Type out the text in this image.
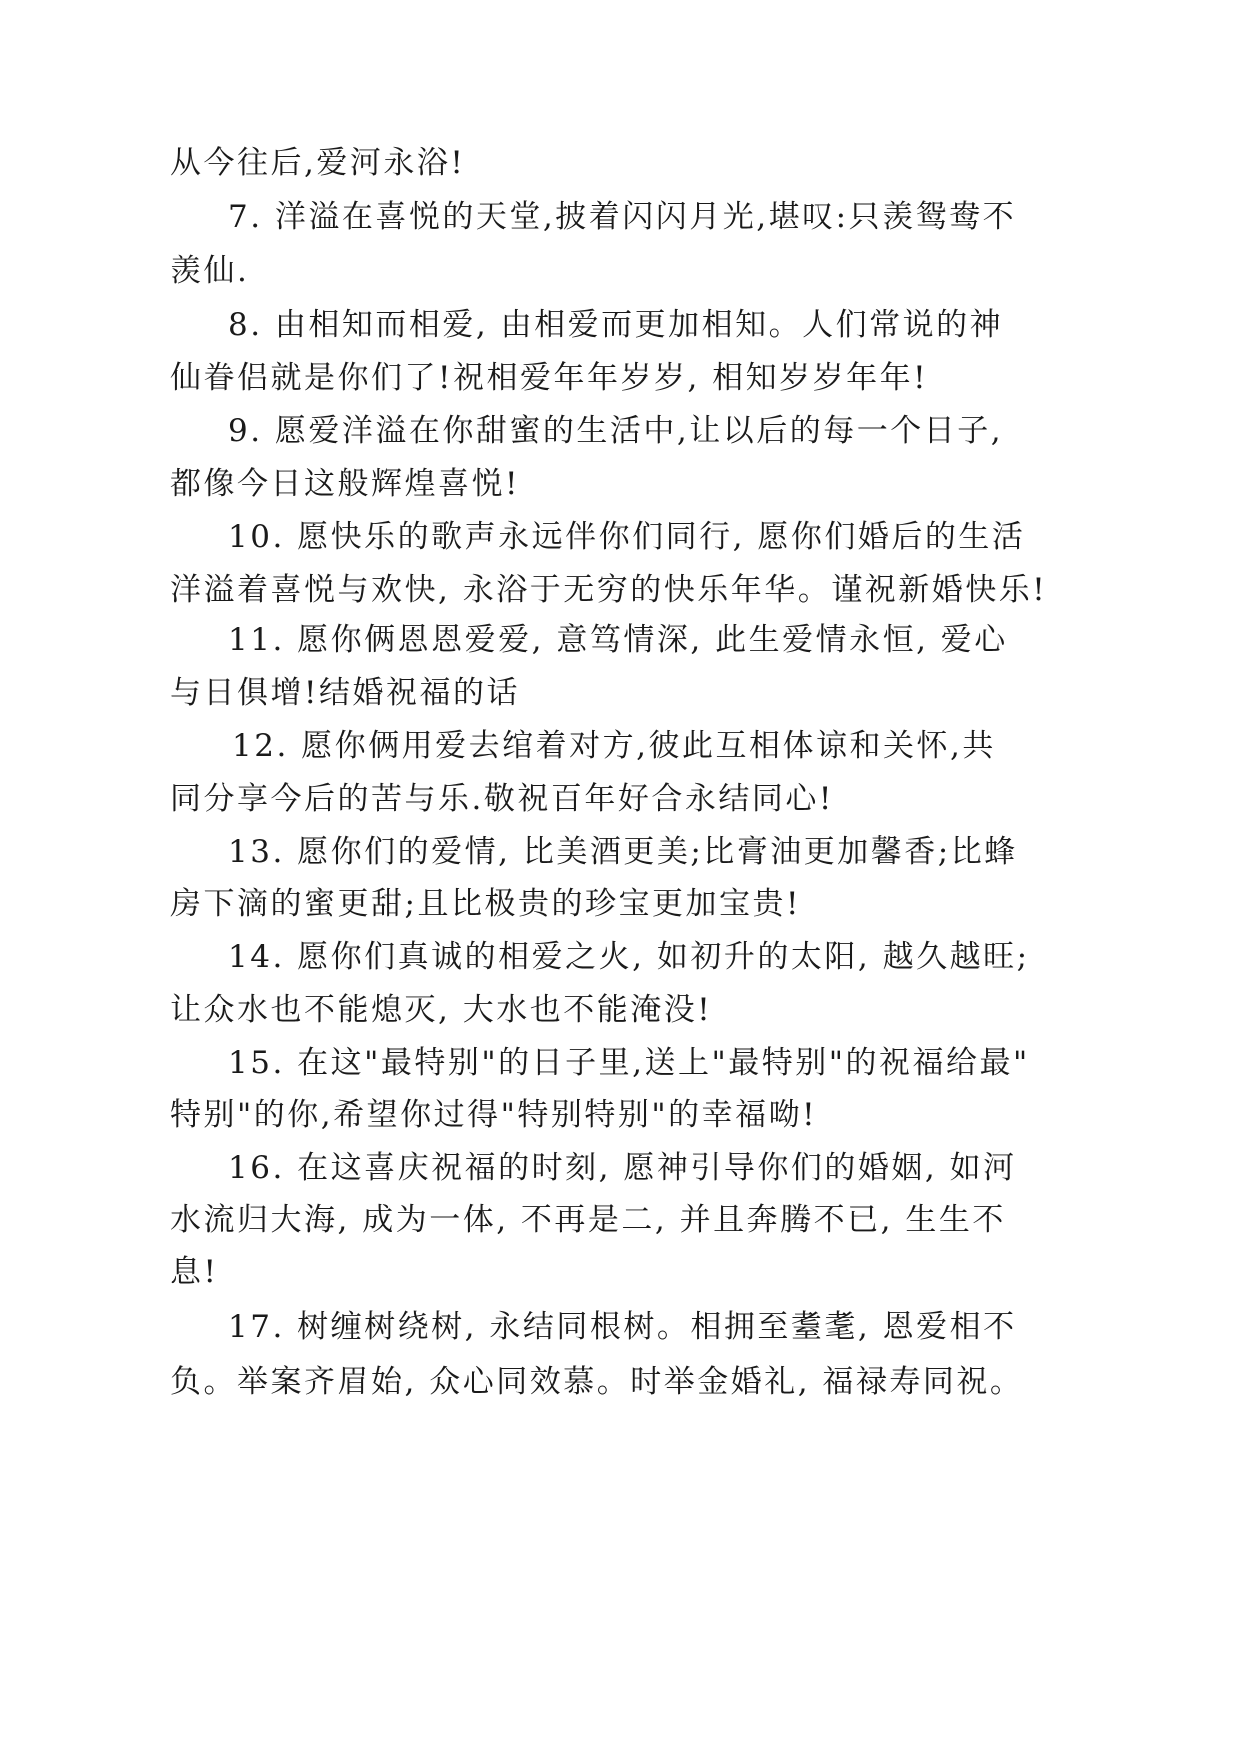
从今往后,爱河永浴!
7. 洋溢在喜悦的天堂,披着闪闪月光,堪叹:只羡鸳鸯不
羡仙.
8. 由相知而相爱, 由相爱而更加相知。人们常说的神
仙眷侣就是你们了!祝相爱年年岁岁, 相知岁岁年年!
9. 愿爱洋溢在你甜蜜的生活中,让以后的每一个日子,
都像今日这般辉煌喜悦!
10. 愿快乐的歌声永远伴你们同行, 愿你们婚后的生活
洋溢着喜悦与欢快, 永浴于无穷的快乐年华。谨祝新婚快乐!
11. 愿你俩恩恩爱爱, 意笃情深, 此生爱情永恒, 爱心
与日俱增!结婚祝福的话
12. 愿你俩用爱去绾着对方,彼此互相体谅和关怀,共
同分享今后的苦与乐.敬祝百年好合永结同心!
13. 愿你们的爱情, 比美酒更美;比膏油更加馨香;比蜂
房下滴的蜜更甜;且比极贵的珍宝更加宝贵!
14. 愿你们真诚的相爱之火, 如初升的太阳, 越久越旺;
让众水也不能熄灭, 大水也不能淹没!
15. 在这"最特别"的日子里,送上"最特别"的祝福给最"
特别"的你,希望你过得"特别特别"的幸福呦!
16. 在这喜庆祝福的时刻, 愿神引导你们的婚姻, 如河
水流归大海, 成为一体, 不再是二, 并且奔腾不已, 生生不
息!
17. 树缠树绕树, 永结同根树。相拥至耋耄, 恩爱相不
负。举案齐眉始, 众心同效慕。时举金婚礼, 福禄寿同祝。
